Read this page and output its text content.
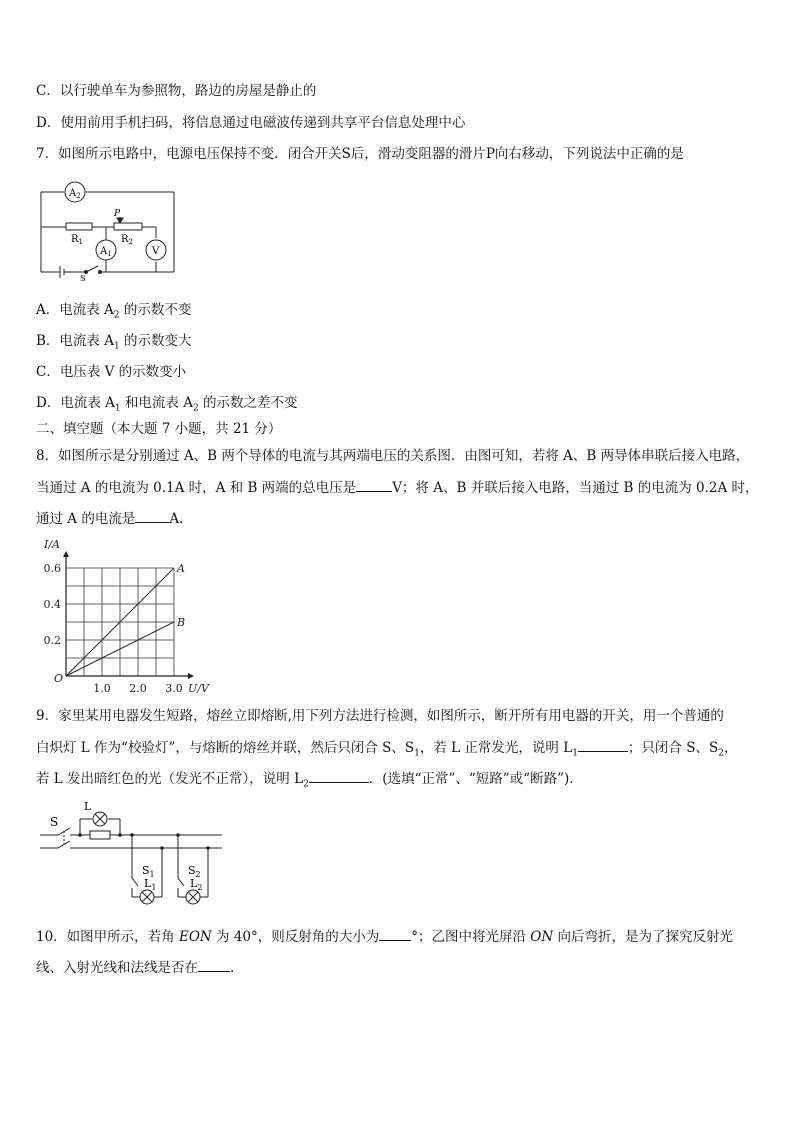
C．以行驶单车为参照物，路边的房屋是静止的
D．使用前用手机扫码，将信息通过电磁波传递到共享平台信息处理中心
7．如图所示电路中，电源电压保持不变．闭合开关S后，滑动变阻器的滑片P向右移动，下列说法中正确的是
$A_2$
$A_1$	V
$R_1$	$R_2$
P
S
A．电流表 $A_2$ 的示数不变
B．电流表 $A_1$ 的示数变大
C．电压表 V 的示数变小
D．电流表 $A_1$ 和电流表 $A_2$ 的示数之差不变
二、填空题（本大题 7 小题，共 21 分）
8．如图所示是分别通过 A、B 两个导体的电流与其两端电压的关系图．由图可知，若将 A、B 两导体串联后接入电路，
当通过 A 的电流为 0.1A 时，A 和 B 两端的总电压是	V；将 A、B 并联后接入电路，当通过 B 的电流为 0.2A 时，
通过 A 的电流是	A.
A
B
1.0 2.0 3.0
0.2
0.4
0.6
O
I/A
U/V
9．家里某用电器发生短路，熔丝立即熔断,用下列方法进行检测，如图所示，断开所有用电器的开关，用一个普通的
白炽灯 L 作为“校验灯”，与熔断的熔丝并联，然后只闭合 S、$S_1$，若 L 正常发光，说明 $L_1$	；只闭合 S、$S_2$，
若 L 发出暗红色的光（发光不正常），说明 $L_2$	．(选填“正常”、“短路”或“断路”)．
S
L
$S_1$
$L_1$
$S_2$
$L_2$
10．如图甲所示，若角 EON 为 40°，则反射角的大小为 °；乙图中将光屏沿 ON 向后弯折，是为了探究反射光
线、入射光线和法线是否在 .
